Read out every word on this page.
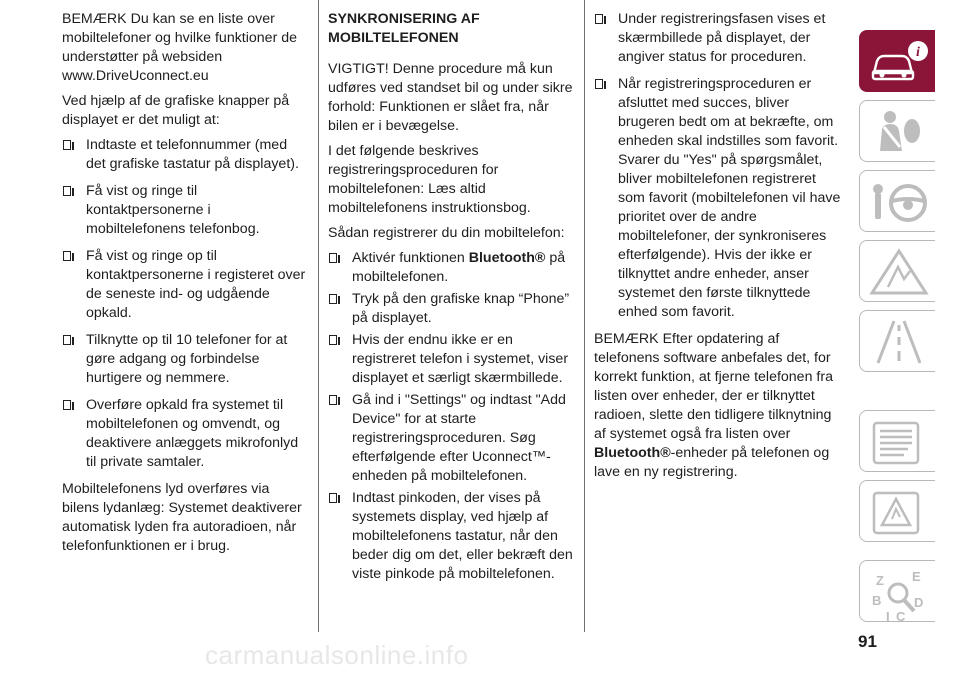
BEMÆRK Du kan se en liste over mobiltelefoner og hvilke funktioner de understøtter på websiden www.DriveUconnect.eu

Ved hjælp af de grafiske knapper på displayet er det muligt at:

Indtaste et telefonnummer (med det grafiske tastatur på displayet).
Få vist og ringe til kontaktpersonerne i mobiltelefonens telefonbog.
Få vist og ringe op til kontaktpersonerne i registeret over de seneste ind- og udgående opkald.
Tilknytte op til 10 telefoner for at gøre adgang og forbindelse hurtigere og nemmere.
Overføre opkald fra systemet til mobiltelefonen og omvendt, og deaktivere anlæggets mikrofonlyd til private samtaler.

Mobiltelefonens lyd overføres via bilens lydanlæg: Systemet deaktiverer automatisk lyden fra autoradioen, når telefonfunktionen er i brug.

SYNKRONISERING AF MOBILTELEFONEN

VIGTIGT! Denne procedure må kun udføres ved standset bil og under sikre forhold: Funktionen er slået fra, når bilen er i bevægelse.

I det følgende beskrives registreringsproceduren for mobiltelefonen: Læs altid mobiltelefonens instruktionsbog.

Sådan registrerer du din mobiltelefon:

Aktivér funktionen Bluetooth® på mobiltelefonen.
Tryk på den grafiske knap “Phone” på displayet.
Hvis der endnu ikke er en registreret telefon i systemet, viser displayet et særligt skærmbillede.
Gå ind i "Settings" og indtast "Add Device" for at starte registreringsproceduren. Søg efterfølgende efter Uconnect™-enheden på mobiltelefonen.
Indtast pinkoden, der vises på systemets display, ved hjælp af mobiltelefonens tastatur, når den beder dig om det, eller bekræft den viste pinkode på mobiltelefonen.
Under registreringsfasen vises et skærmbillede på displayet, der angiver status for proceduren.
Når registreringsproceduren er afsluttet med succes, bliver brugeren bedt om at bekræfte, om enheden skal indstilles som favorit. Svarer du "Yes" på spørgsmålet, bliver mobiltelefonen registreret som favorit (mobiltelefonen vil have prioritet over de andre mobiltelefoner, der synkroniseres efterfølgende). Hvis der ikke er tilknyttet andre enheder, anser systemet den første tilknyttede enhed som favorit.

BEMÆRK Efter opdatering af telefonens software anbefales det, for korrekt funktion, at fjerne telefonen fra listen over enheder, der er tilknyttet radioen, slette den tidligere tilknytning af systemet også fra listen over Bluetooth®-enheder på telefonen og lave en ny registrering.

i
Z E
B	D
I C
91
carmanualsonline.info
